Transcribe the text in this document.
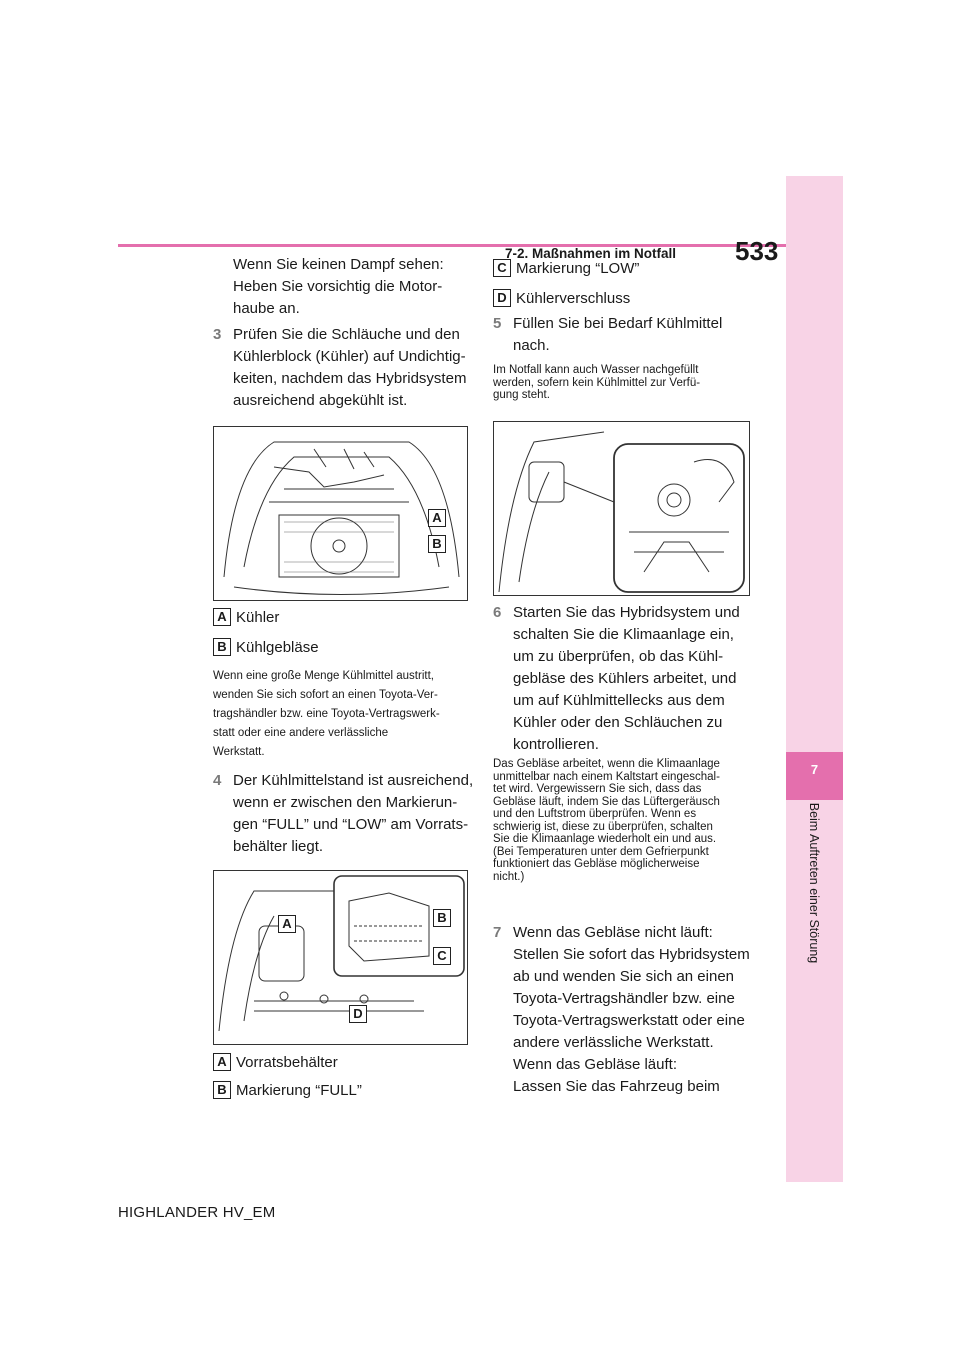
7-2. Maßnahmen im Notfall 533
7
Beim Auftreten einer Störung
Wenn Sie keinen Dampf sehen:
Heben Sie vorsichtig die Motor-
haube an.
3 Prüfen Sie die Schläuche und den
Kühlerblock (Kühler) auf Undichtig-
keiten, nachdem das Hybridsystem
ausreichend abgekühlt ist.
A
B
A Kühler
B Kühlgebläse
Wenn eine große Menge Kühlmittel austritt,
wenden Sie sich sofort an einen Toyota-Ver-
tragshändler bzw. eine Toyota-Vertragswerk-
statt oder eine andere verlässliche
Werkstatt.
4 Der Kühlmittelstand ist ausreichend,
wenn er zwischen den Markierun-
gen “FULL” und “LOW” am Vorrats-
behälter liegt.
A	B
C
D
A Vorratsbehälter
B Markierung “FULL”
C Markierung “LOW”
D Kühlerverschluss
5 Füllen Sie bei Bedarf Kühlmittel
nach.
Im Notfall kann auch Wasser nachgefüllt
werden, sofern kein Kühlmittel zur Verfü-
gung steht.
6 Starten Sie das Hybridsystem und
schalten Sie die Klimaanlage ein,
um zu überprüfen, ob das Kühl-
gebläse des Kühlers arbeitet, und
um auf Kühlmittellecks aus dem
Kühler oder den Schläuchen zu
kontrollieren.
Das Gebläse arbeitet, wenn die Klimaanlage
unmittelbar nach einem Kaltstart eingeschal-
tet wird. Vergewissern Sie sich, dass das
Gebläse läuft, indem Sie das Lüftergeräusch
und den Luftstrom überprüfen. Wenn es
schwierig ist, diese zu überprüfen, schalten
Sie die Klimaanlage wiederholt ein und aus.
(Bei Temperaturen unter dem Gefrierpunkt
funktioniert das Gebläse möglicherweise
nicht.)
7 Wenn das Gebläse nicht läuft:
Stellen Sie sofort das Hybridsystem
ab und wenden Sie sich an einen
Toyota-Vertragshändler bzw. eine
Toyota-Vertragswerkstatt oder eine
andere verlässliche Werkstatt.
Wenn das Gebläse läuft:
Lassen Sie das Fahrzeug beim
HIGHLANDER HV_EM
